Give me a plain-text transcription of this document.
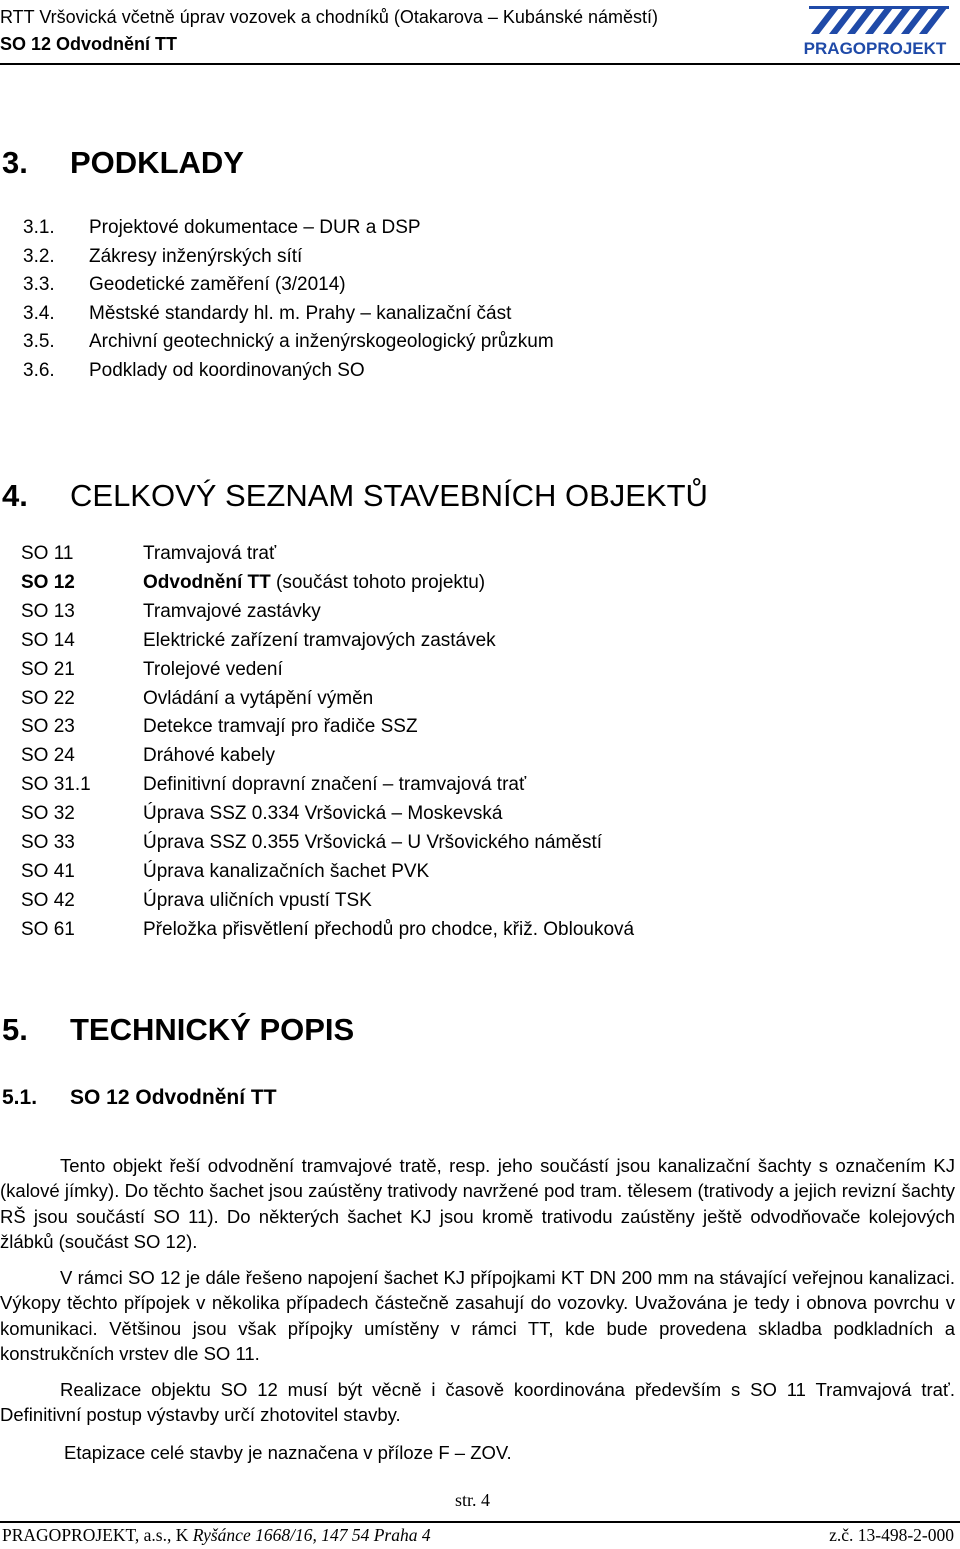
RTT Vršovická včetně úprav vozovek a chodníků (Otakarova – Kubánské náměstí)
SO 12 Odvodnění TT	PRAGOPROJEKT
3. PODKLADY
3.1. Projektové dokumentace – DUR a DSP
3.2. Zákresy inženýrských sítí
3.3. Geodetické zaměření (3/2014)
3.4. Městské standardy hl. m. Prahy – kanalizační část
3.5. Archivní geotechnický a inženýrskogeologický průzkum
3.6. Podklady od koordinovaných SO
4. CELKOVÝ SEZNAM STAVEBNÍCH OBJEKTŮ
SO 11	Tramvajová trať
SO 12	Odvodnění TT (součást tohoto projektu)
SO 13	Tramvajové zastávky
SO 14	Elektrické zařízení tramvajových zastávek
SO 21	Trolejové vedení
SO 22	Ovládání a vytápění výměn
SO 23	Detekce tramvají pro řadiče SSZ
SO 24	Dráhové kabely
SO 31.1	Definitivní dopravní značení – tramvajová trať
SO 32	Úprava SSZ 0.334 Vršovická – Moskevská
SO 33	Úprava SSZ 0.355 Vršovická – U Vršovického náměstí
SO 41	Úprava kanalizačních šachet PVK
SO 42	Úprava uličních vpustí TSK
SO 61	Přeložka přisvětlení přechodů pro chodce, křiž. Oblouková
5. TECHNICKÝ POPIS
5.1. SO 12 Odvodnění TT
Tento objekt řeší odvodnění tramvajové tratě, resp. jeho součástí jsou kanalizační šachty s označením KJ (kalové jímky). Do těchto šachet jsou zaústěny trativody navržené pod tram. tělesem (trativody a jejich revizní šachty RŠ jsou součástí SO 11). Do některých šachet KJ jsou kromě trativodu zaústěny ještě odvodňovače kolejových žlábků (součást SO 12).
V rámci SO 12 je dále řešeno napojení šachet KJ přípojkami KT DN 200 mm na stávající veřejnou kanalizaci. Výkopy těchto přípojek v několika případech částečně zasahují do vozovky. Uvažována je tedy i obnova povrchu v komunikaci. Většinou jsou však přípojky umístěny v rámci TT, kde bude provedena skladba podkladních a konstrukčních vrstev dle SO 11.
Realizace objektu SO 12 musí být věcně i časově koordinována především s SO 11 Tramvajová trať. Definitivní postup výstavby určí zhotovitel stavby.
Etapizace celé stavby je naznačena v příloze F – ZOV.
str. 4
PRAGOPROJEKT, a.s., K Ryšánce 1668/16, 147 54 Praha 4	z.č. 13-498-2-000
